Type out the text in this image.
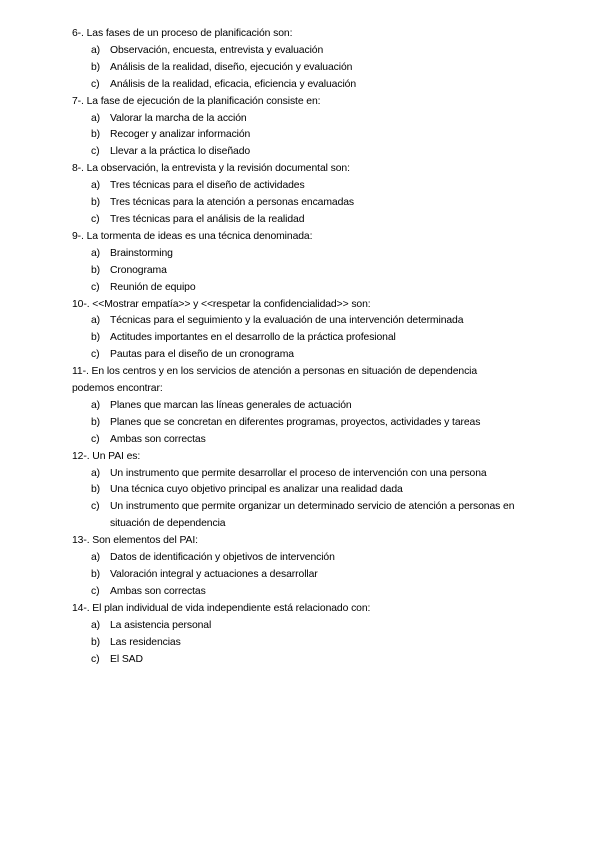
6-. Las fases de un proceso de planificación son:
a) Observación, encuesta, entrevista y evaluación
b) Análisis de la realidad, diseño, ejecución y evaluación
c)	Análisis de la realidad, eficacia, eficiencia y evaluación
7-. La fase de ejecución de la planificación consiste en:
a) Valorar la marcha de la acción
b) Recoger y analizar información
c)	Llevar a la práctica lo diseñado
8-. La observación, la entrevista y la revisión documental son:
a) Tres técnicas para el diseño de actividades
b) Tres técnicas para la atención a personas encamadas
c)	Tres técnicas para el análisis de la realidad
9-. La tormenta de ideas es una técnica denominada:
a) Brainstorming
b) Cronograma
c)	Reunión de equipo
10-. <<Mostrar empatía>> y <<respetar la confidencialidad>> son:
a) Técnicas para el seguimiento y la evaluación de una intervención determinada
b) Actitudes importantes en el desarrollo de la práctica profesional
c)	Pautas para el diseño de un cronograma
11-. En los centros y en los servicios de atención a personas en situación de dependencia
podemos encontrar:
a) Planes que marcan las líneas generales de actuación
b) Planes que se concretan en diferentes programas, proyectos, actividades y tareas
c)	Ambas son correctas
12-. Un PAI es:
a) Un instrumento que permite desarrollar el proceso de intervención con una persona
b) Una técnica cuyo objetivo principal es analizar una realidad dada
c)	Un instrumento que permite organizar un determinado servicio de atención a personas en situación de dependencia
13-. Son elementos del PAI:
a) Datos de identificación y objetivos de intervención
b) Valoración integral y actuaciones a desarrollar
c)	Ambas son correctas
14-. El plan individual de vida independiente está relacionado con:
a) La asistencia personal
b) Las residencias
c)	El SAD
